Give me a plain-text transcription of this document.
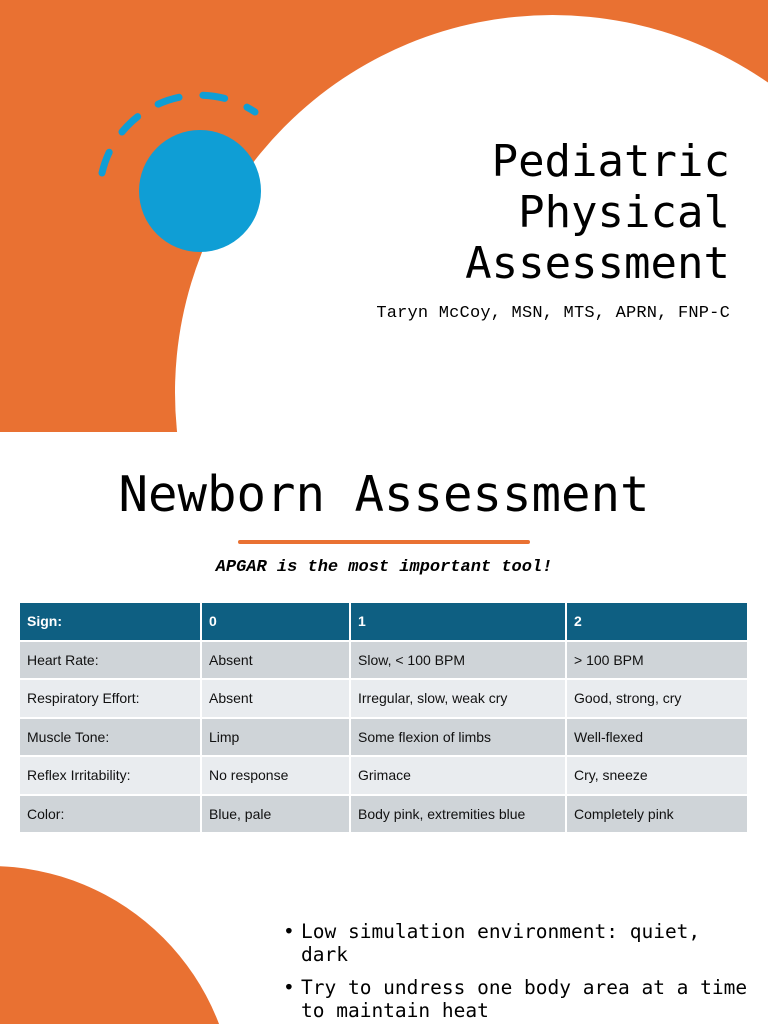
Pediatric
Physical
Assessment

Taryn McCoy, MSN, MTS, APRN, FNP-C

Newborn Assessment

APGAR is the most important tool!

Sign:	0	1	2
Heart Rate:	Absent	Slow, < 100 BPM	> 100 BPM
Respiratory Effort:	Absent	Irregular, slow, weak cry	Good, strong, cry
Muscle Tone:	Limp	Some flexion of limbs	Well-flexed
Reflex Irritability:	No response	Grimace	Cry, sneeze
Color:	Blue, pale	Body pink, extremities blue	Completely pink
• Low simulation environment: quiet, dark
• Try to undress one body area at a time to maintain heat
